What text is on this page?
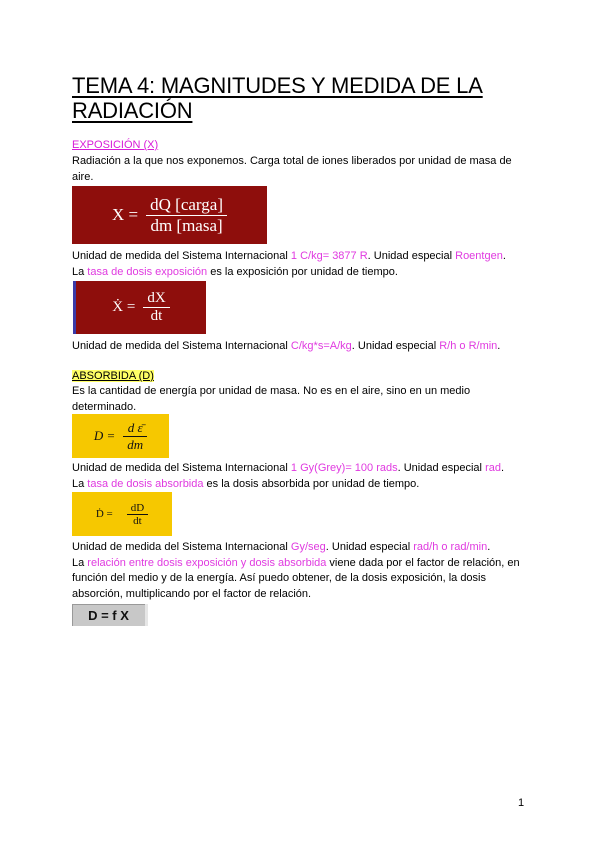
TEMA 4: MAGNITUDES Y MEDIDA DE LA RADIACIÓN
EXPOSICIÓN (X)
Radiación a la que nos exponemos. Carga total de iones liberados por unidad de masa de aire.
$X = \frac{\text{dQ [carga]}}{\text{dm [masa]}}$
Unidad de medida del Sistema Internacional 1 C/kg= 3877 R. Unidad especial Roentgen.
La tasa de dosis exposición es la exposición por unidad de tiempo.
Ẋ = $\frac{dX}{dt}$
Unidad de medida del Sistema Internacional C/kg*s=A/kg. Unidad especial R/h o R/min.
ABSORBIDA (D)
Es la cantidad de energía por unidad de masa. No es en el aire, sino en un medio determinado.
$D = \frac{\text{d ε̄}}{dm}$
Unidad de medida del Sistema Internacional 1 Gy(Grey)= 100 rads. Unidad especial rad.
La tasa de dosis absorbida es la dosis absorbida por unidad de tiempo.
Ḋ = $\frac{dD}{dt}$
Unidad de medida del Sistema Internacional Gy/seg. Unidad especial rad/h o rad/min.
La relación entre dosis exposición y dosis absorbida viene dada por el factor de relación, en función del medio y de la energía. Así puedo obtener, de la dosis exposición, la dosis absorción, multiplicando por el factor de relación.
D = f X
1
